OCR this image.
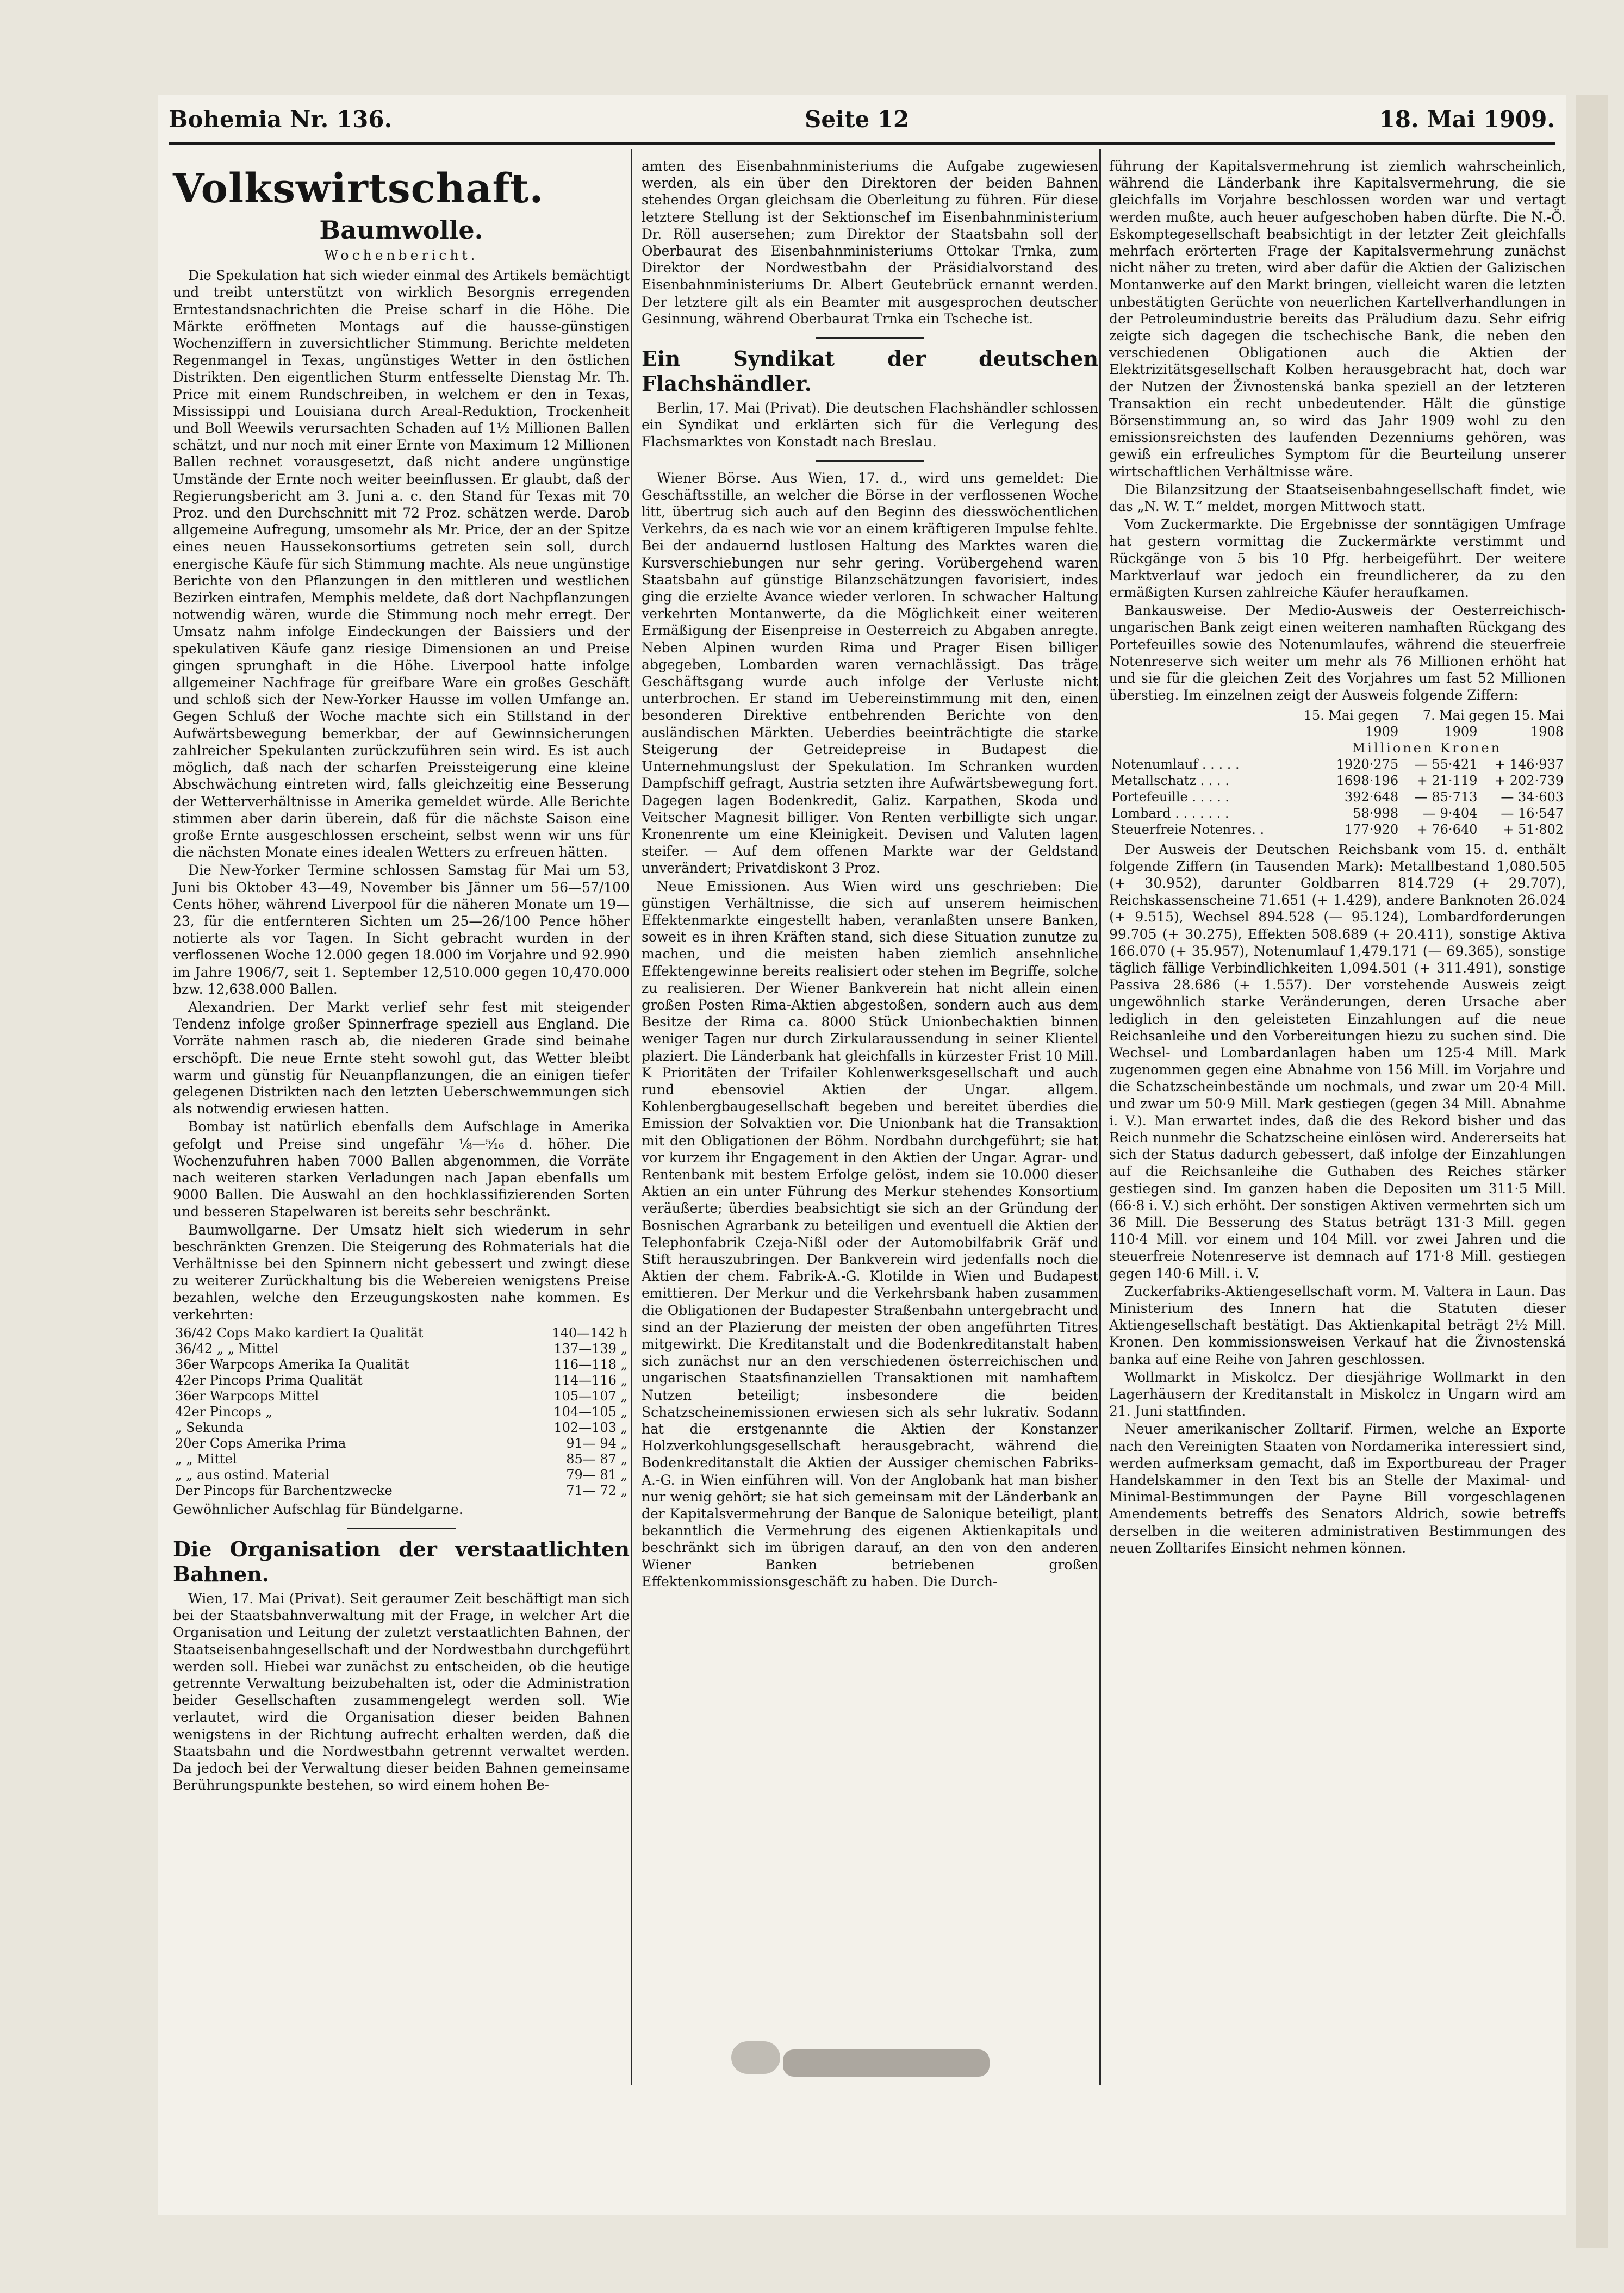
Bohemia Nr. 136.	Seite 12	18. Mai 1909.
Volkswirtschaft.
Baumwolle.
Wochenbericht.

Die Spekulation hat sich wieder einmal des Artikels bemächtigt und treibt unterstützt von wirklich Besorgnis erregenden Erntestandsnachrichten die Preise scharf in die Höhe. Die Märkte eröffneten Montags auf die hausse-günstigen Wochenziffern in zuversichtlicher Stimmung. Berichte meldeten Regenmangel in Texas, ungünstiges Wetter in den östlichen Distrikten. Den eigentlichen Sturm entfesselte Dienstag Mr. Th. Price mit einem Rundschreiben, in welchem er den in Texas, Mississippi und Louisiana durch Areal-Reduktion, Trockenheit und Boll Weewils verursachten Schaden auf 1½ Millionen Ballen schätzt, und nur noch mit einer Ernte von Maximum 12 Millionen Ballen rechnet vorausgesetzt, daß nicht andere ungünstige Umstände der Ernte noch weiter beeinflussen. Er glaubt, daß der Regierungsbericht am 3. Juni a. c. den Stand für Texas mit 70 Proz. und den Durchschnitt mit 72 Proz. schätzen werde. Darob allgemeine Aufregung, umsomehr als Mr. Price, der an der Spitze eines neuen Haussekonsortiums getreten sein soll, durch energische Käufe für sich Stimmung machte. Als neue ungünstige Berichte von den Pflanzungen in den mittleren und westlichen Bezirken eintrafen, Memphis meldete, daß dort Nachpflanzungen notwendig wären, wurde die Stimmung noch mehr erregt. Der Umsatz nahm infolge Eindeckungen der Baissiers und der spekulativen Käufe ganz riesige Dimensionen an und Preise gingen sprunghaft in die Höhe. Liverpool hatte infolge allgemeiner Nachfrage für greifbare Ware ein großes Geschäft und schloß sich der New-Yorker Hausse im vollen Umfange an. Gegen Schluß der Woche machte sich ein Stillstand in der Aufwärtsbewegung bemerkbar, der auf Gewinnsicherungen zahlreicher Spekulanten zurückzuführen sein wird. Es ist auch möglich, daß nach der scharfen Preissteigerung eine kleine Abschwächung eintreten wird, falls gleichzeitig eine Besserung der Wetterverhältnisse in Amerika gemeldet würde. Alle Berichte stimmen aber darin überein, daß für die nächste Saison eine große Ernte ausgeschlossen erscheint, selbst wenn wir uns für die nächsten Monate eines idealen Wetters zu erfreuen hätten.

Die New-Yorker Termine schlossen Samstag für Mai um 53, Juni bis Oktober 43—49, November bis Jänner um 56—57/100 Cents höher, während Liverpool für die näheren Monate um 19—23, für die entfernteren Sichten um 25—26/100 Pence höher notierte als vor Tagen. In Sicht gebracht wurden in der verflossenen Woche 12.000 gegen 18.000 im Vorjahre und 92.990 im Jahre 1906/7, seit 1. September 12,510.000 gegen 10,470.000 bzw. 12,638.000 Ballen.

Alexandrien. Der Markt verlief sehr fest mit steigender Tendenz infolge großer Spinnerfrage speziell aus England. Die Vorräte nahmen rasch ab, die niederen Grade sind beinahe erschöpft. Die neue Ernte steht sowohl gut, das Wetter bleibt warm und günstig für Neuanpflanzungen, die an einigen tiefer gelegenen Distrikten nach den letzten Ueberschwemmungen sich als notwendig erwiesen hatten.

Bombay ist natürlich ebenfalls dem Aufschlage in Amerika gefolgt und Preise sind ungefähr ⅛—⁵⁄₁₆ d. höher. Die Wochenzufuhren haben 7000 Ballen abgenommen, die Vorräte nach weiteren starken Verladungen nach Japan ebenfalls um 9000 Ballen. Die Auswahl an den hochklassifizierenden Sorten und besseren Stapelwaren ist bereits sehr beschränkt.

Baumwollgarne. Der Umsatz hielt sich wiederum in sehr beschränkten Grenzen. Die Steigerung des Rohmaterials hat die Verhältnisse bei den Spinnern nicht gebessert und zwingt diese zu weiterer Zurückhaltung bis die Webereien wenigstens Preise bezahlen, welche den Erzeugungskosten nahe kommen. Es verkehrten:

36/42 Cops Mako kardiert Ia Qualität	140—142 h
36/42 „ „ Mittel	137—139 „
36er Warpcops Amerika Ia Qualität	116—118 „
42er Pincops Prima Qualität	114—116 „
36er Warpcops Mittel	105—107 „
42er Pincops „	104—105 „
„ Sekunda	102—103 „
20er Cops Amerika Prima	91— 94 „
„ „ Mittel	85— 87 „
„ „ aus ostind. Material	79— 81 „
Der Pincops für Barchentzwecke	71— 72 „

Gewöhnlicher Aufschlag für Bündelgarne.

Die Organisation der verstaatlichten Bahnen.

Wien, 17. Mai (Privat). Seit geraumer Zeit beschäftigt man sich bei der Staatsbahnverwaltung mit der Frage, in welcher Art die Organisation und Leitung der zuletzt verstaatlichten Bahnen, der Staatseisenbahngesellschaft und der Nordwestbahn durchgeführt werden soll. Hiebei war zunächst zu entscheiden, ob die heutige getrennte Verwaltung beizubehalten ist, oder die Administration beider Gesellschaften zusammengelegt werden soll. Wie verlautet, wird die Organisation dieser beiden Bahnen wenigstens in der Richtung aufrecht erhalten werden, daß die Staatsbahn und die Nordwestbahn getrennt verwaltet werden. Da jedoch bei der Verwaltung dieser beiden Bahnen gemeinsame Berührungspunkte bestehen, so wird einem hohen Be-

amten des Eisenbahnministeriums die Aufgabe zugewiesen werden, als ein über den Direktoren der beiden Bahnen stehendes Organ gleichsam die Oberleitung zu führen. Für diese letztere Stellung ist der Sektionschef im Eisenbahnministerium Dr. Röll ausersehen; zum Direktor der Staatsbahn soll der Oberbaurat des Eisenbahnministeriums Ottokar Trnka, zum Direktor der Nordwestbahn der Präsidialvorstand des Eisenbahnministeriums Dr. Albert Geutebrück ernannt werden. Der letztere gilt als ein Beamter mit ausgesprochen deutscher Gesinnung, während Oberbaurat Trnka ein Tscheche ist.

Ein Syndikat der deutschen Flachshändler.

Berlin, 17. Mai (Privat). Die deutschen Flachshändler schlossen ein Syndikat und erklärten sich für die Verlegung des Flachsmarktes von Konstadt nach Breslau.

Wiener Börse. Aus Wien, 17. d., wird uns gemeldet: Die Geschäftsstille, an welcher die Börse in der verflossenen Woche litt, übertrug sich auch auf den Beginn des diesswöchentlichen Verkehrs, da es nach wie vor an einem kräftigeren Impulse fehlte. Bei der andauernd lustlosen Haltung des Marktes waren die Kursverschiebungen nur sehr gering. Vorübergehend waren Staatsbahn auf günstige Bilanzschätzungen favorisiert, indes ging die erzielte Avance wieder verloren. In schwacher Haltung verkehrten Montanwerte, da die Möglichkeit einer weiteren Ermäßigung der Eisenpreise in Oesterreich zu Abgaben anregte. Neben Alpinen wurden Rima und Prager Eisen billiger abgegeben, Lombarden waren vernachlässigt. Das träge Geschäftsgang wurde auch infolge der Verluste nicht unterbrochen. Er stand im Uebereinstimmung mit den, einen besonderen Direktive entbehrenden Berichte von den ausländischen Märkten. Ueberdies beeinträchtigte die starke Steigerung der Getreidepreise in Budapest die Unternehmungslust der Spekulation. Im Schranken wurden Dampfschiff gefragt, Austria setzten ihre Aufwärtsbewegung fort. Dagegen lagen Bodenkredit, Galiz. Karpathen, Skoda und Veitscher Magnesit billiger. Von Renten verbilligte sich ungar. Kronenrente um eine Kleinigkeit. Devisen und Valuten lagen steifer. — Auf dem offenen Markte war der Geldstand unverändert; Privatdiskont 3 Proz.

Neue Emissionen. Aus Wien wird uns geschrieben: Die günstigen Verhältnisse, die sich auf unserem heimischen Effektenmarkte eingestellt haben, veranlaßten unsere Banken, soweit es in ihren Kräften stand, sich diese Situation zunutze zu machen, und die meisten haben ziemlich ansehnliche Effektengewinne bereits realisiert oder stehen im Begriffe, solche zu realisieren. Der Wiener Bankverein hat nicht allein einen großen Posten Rima-Aktien abgestoßen, sondern auch aus dem Besitze der Rima ca. 8000 Stück Unionbechaktien binnen weniger Tagen nur durch Zirkularaussendung in seiner Klientel plaziert. Die Länderbank hat gleichfalls in kürzester Frist 10 Mill. K Prioritäten der Trifailer Kohlenwerksgesellschaft und auch rund ebensoviel Aktien der Ungar. allgem. Kohlenbergbaugesellschaft begeben und bereitet überdies die Emission der Solvaktien vor. Die Unionbank hat die Transaktion mit den Obligationen der Böhm. Nordbahn durchgeführt; sie hat vor kurzem ihr Engagement in den Aktien der Ungar. Agrar- und Rentenbank mit bestem Erfolge gelöst, indem sie 10.000 dieser Aktien an ein unter Führung des Merkur stehendes Konsortium veräußerte; überdies beabsichtigt sie sich an der Gründung der Bosnischen Agrarbank zu beteiligen und eventuell die Aktien der Telephonfabrik Czeja-Nißl oder der Automobilfabrik Gräf und Stift herauszubringen. Der Bankverein wird jedenfalls noch die Aktien der chem. Fabrik-A.-G. Klotilde in Wien und Budapest emittieren. Der Merkur und die Verkehrsbank haben zusammen die Obligationen der Budapester Straßenbahn untergebracht und sind an der Plazierung der meisten der oben angeführten Titres mitgewirkt. Die Kreditanstalt und die Bodenkreditanstalt haben sich zunächst nur an den verschiedenen österreichischen und ungarischen Staatsfinanziellen Transaktionen mit namhaftem Nutzen beteiligt; insbesondere die beiden Schatzscheinemissionen erwiesen sich als sehr lukrativ. Sodann hat die erstgenannte die Aktien der Konstanzer Holzverkohlungsgesellschaft herausgebracht, während die Bodenkreditanstalt die Aktien der Aussiger chemischen Fabriks-A.-G. in Wien einführen will. Von der Anglobank hat man bisher nur wenig gehört; sie hat sich gemeinsam mit der Länderbank an der Kapitalsvermehrung der Banque de Salonique beteiligt, plant bekanntlich die Vermehrung des eigenen Aktienkapitals und beschränkt sich im übrigen darauf, an den von den anderen Wiener Banken betriebenen großen Effektenkommissionsgeschäft zu haben. Die Durch-

führung der Kapitalsvermehrung ist ziemlich wahrscheinlich, während die Länderbank ihre Kapitalsvermehrung, die sie gleichfalls im Vorjahre beschlossen worden war und vertagt werden mußte, auch heuer aufgeschoben haben dürfte. Die N.-Ö. Eskomptegesellschaft beabsichtigt in der letzter Zeit gleichfalls mehrfach erörterten Frage der Kapitalsvermehrung zunächst nicht näher zu treten, wird aber dafür die Aktien der Galizischen Montanwerke auf den Markt bringen, vielleicht waren die letzten unbestätigten Gerüchte von neuerlichen Kartellverhandlungen in der Petroleumindustrie bereits das Präludium dazu. Sehr eifrig zeigte sich dagegen die tschechische Bank, die neben den verschiedenen Obligationen auch die Aktien der Elektrizitätsgesellschaft Kolben herausgebracht hat, doch war der Nutzen der Živnostenská banka speziell an der letzteren Transaktion ein recht unbedeutender. Hält die günstige Börsenstimmung an, so wird das Jahr 1909 wohl zu den emissionsreichsten des laufenden Dezenniums gehören, was gewiß ein erfreuliches Symptom für die Beurteilung unserer wirtschaftlichen Verhältnisse wäre.

Die Bilanzsitzung der Staatseisenbahngesellschaft findet, wie das „N. W. T.“ meldet, morgen Mittwoch statt.

Vom Zuckermarkte. Die Ergebnisse der sonntägigen Umfrage hat gestern vormittag die Zuckermärkte verstimmt und Rückgänge von 5 bis 10 Pfg. herbeigeführt. Der weitere Marktverlauf war jedoch ein freundlicherer, da zu den ermäßigten Kursen zahlreiche Käufer heraufkamen.

Bankausweise. Der Medio-Ausweis der Oesterreichisch-ungarischen Bank zeigt einen weiteren namhaften Rückgang des Portefeuilles sowie des Notenumlaufes, während die steuerfreie Notenreserve sich weiter um mehr als 76 Millionen erhöht hat und sie für die gleichen Zeit des Vorjahres um fast 52 Millionen überstieg. Im einzelnen zeigt der Ausweis folgende Ziffern:

	15. Mai gegen	7. Mai gegen 15. Mai	
	1909	1909	1908
	Millionen Kronen		
Notenumlauf . . . . .	1920·275	— 55·421	+ 146·937
Metallschatz . . . .	1698·196	+ 21·119	+ 202·739
Portefeuille . . . . .	392·648	— 85·713	— 34·603
Lombard . . . . . . .	58·998	— 9·404	— 16·547
Steuerfreie Notenres. .	177·920	+ 76·640	+ 51·802

Der Ausweis der Deutschen Reichsbank vom 15. d. enthält folgende Ziffern (in Tausenden Mark): Metallbestand 1,080.505 (+ 30.952), darunter Goldbarren 814.729 (+ 29.707), Reichskassenscheine 71.651 (+ 1.429), andere Banknoten 26.024 (+ 9.515), Wechsel 894.528 (— 95.124), Lombardforderungen 99.705 (+ 30.275), Effekten 508.689 (+ 20.411), sonstige Aktiva 166.070 (+ 35.957), Notenumlauf 1,479.171 (— 69.365), sonstige täglich fällige Verbindlichkeiten 1,094.501 (+ 311.491), sonstige Passiva 28.686 (+ 1.557). Der vorstehende Ausweis zeigt ungewöhnlich starke Veränderungen, deren Ursache aber lediglich in den geleisteten Einzahlungen auf die neue Reichsanleihe und den Vorbereitungen hiezu zu suchen sind. Die Wechsel- und Lombardanlagen haben um 125·4 Mill. Mark zugenommen gegen eine Abnahme von 156 Mill. im Vorjahre und die Schatzscheinbestände um nochmals, und zwar um 20·4 Mill. und zwar um 50·9 Mill. Mark gestiegen (gegen 34 Mill. Abnahme i. V.). Man erwartet indes, daß die des Rekord bisher und das Reich nunmehr die Schatzscheine einlösen wird. Andererseits hat sich der Status dadurch gebessert, daß infolge der Einzahlungen auf die Reichsanleihe die Guthaben des Reiches stärker gestiegen sind. Im ganzen haben die Depositen um 311·5 Mill. (66·8 i. V.) sich erhöht. Der sonstigen Aktiven vermehrten sich um 36 Mill. Die Besserung des Status beträgt 131·3 Mill. gegen 110·4 Mill. vor einem und 104 Mill. vor zwei Jahren und die steuerfreie Notenreserve ist demnach auf 171·8 Mill. gestiegen gegen 140·6 Mill. i. V.

Zuckerfabriks-Aktiengesellschaft vorm. M. Valtera in Laun. Das Ministerium des Innern hat die Statuten dieser Aktiengesellschaft bestätigt. Das Aktienkapital beträgt 2½ Mill. Kronen. Den kommissionsweisen Verkauf hat die Živnostenská banka auf eine Reihe von Jahren geschlossen.

Wollmarkt in Miskolcz. Der diesjährige Wollmarkt in den Lagerhäusern der Kreditanstalt in Miskolcz in Ungarn wird am 21. Juni stattfinden.

Neuer amerikanischer Zolltarif. Firmen, welche an Exporte nach den Vereinigten Staaten von Nordamerika interessiert sind, werden aufmerksam gemacht, daß im Exportbureau der Prager Handelskammer in den Text bis an Stelle der Maximal- und Minimal-Bestimmungen der Payne Bill vorgeschlagenen Amendements betreffs des Senators Aldrich, sowie betreffs derselben in die weiteren administrativen Bestimmungen des neuen Zolltarifes Einsicht nehmen können.
